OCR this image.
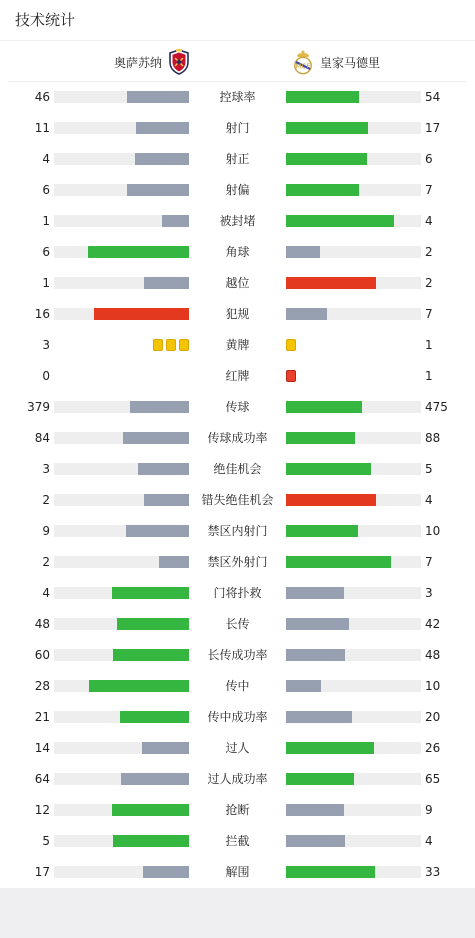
技术统计
奥萨苏纳	MCF 皇家马德里
46	控球率	54
11	射门	17
4	射正	6
6	射偏	7
1	被封堵	4
6	角球	2
1	越位	2
16	犯规	7
3	黄牌	1
0	红牌	1
379	传球	475
84	传球成功率	88
3	绝佳机会	5
2	错失绝佳机会	4
9	禁区内射门	10
2	禁区外射门	7
4	门将扑救	3
48	长传	42
60	长传成功率	48
28	传中	10
21	传中成功率	20
14	过人	26
64	过人成功率	65
12	抢断	9
5	拦截	4
17	解围	33
